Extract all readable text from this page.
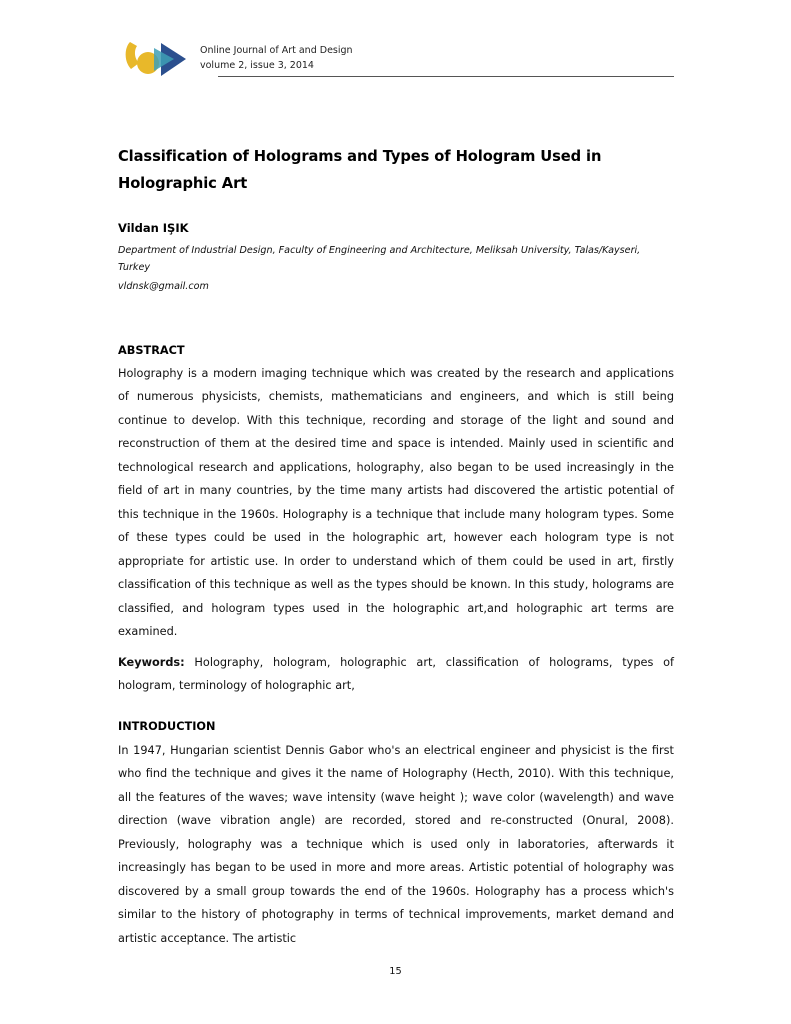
Online Journal of Art and Design
volume 2, issue 3, 2014
Classification of Holograms and Types of Hologram Used in Holographic Art
Vildan IŞIK
Department of Industrial Design, Faculty of Engineering and Architecture, Meliksah University, Talas/Kayseri, Turkey
vldnsk@gmail.com
ABSTRACT
Holography is a modern imaging technique which was created by the research and applications of numerous physicists, chemists, mathematicians and engineers, and which is still being continue to develop. With this technique, recording and storage of the light and sound and reconstruction of them at the desired time and space is intended. Mainly used in scientific and technological research and applications, holography, also began to be used increasingly in the field of art in many countries, by the time many artists had discovered the artistic potential of this technique in the 1960s. Holography is a technique that include many hologram types. Some of these types could be used in the holographic art, however each hologram type is not appropriate for artistic use. In order to understand which of them could be used in art, firstly classification of this technique as well as the types should be known. In this study, holograms are classified, and hologram types used in the holographic art,and holographic art terms are examined.
Keywords: Holography, hologram, holographic art, classification of holograms, types of hologram, terminology of holographic art,
INTRODUCTION
In 1947, Hungarian scientist Dennis Gabor who's an electrical engineer and physicist is the first who find the technique and gives it the name of Holography (Hecth, 2010). With this technique, all the features of the waves; wave intensity (wave height ); wave color (wavelength) and wave direction (wave vibration angle) are recorded, stored and re-constructed (Onural, 2008). Previously, holography was a technique which is used only in laboratories, afterwards it increasingly has began to be used in more and more areas. Artistic potential of holography was discovered by a small group towards the end of the 1960s. Holography has a process which's similar to the history of photography in terms of technical improvements, market demand and artistic acceptance. The artistic
15
